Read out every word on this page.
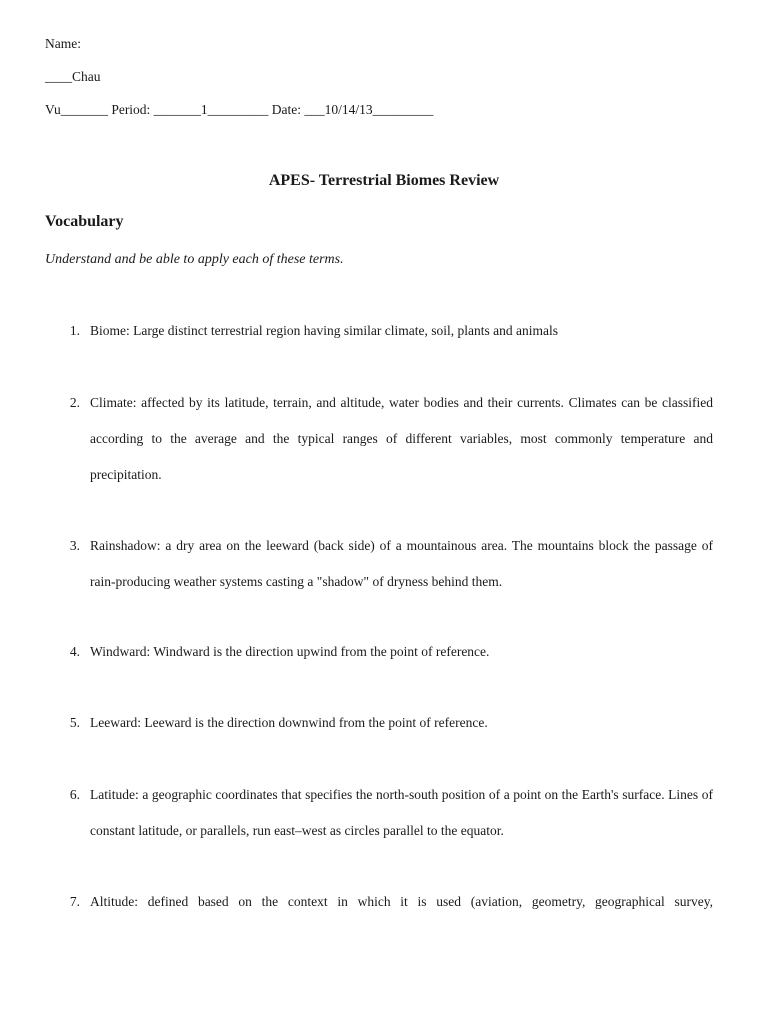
Name:
____Chau
Vu_______ Period: _______1_________ Date: ___10/14/13_________
APES- Terrestrial Biomes Review
Vocabulary
Understand and be able to apply each of these terms.
1. Biome: Large distinct terrestrial region having similar climate, soil, plants and animals
2. Climate: affected by its latitude, terrain, and altitude, water bodies and their currents. Climates can be classified according to the average and the typical ranges of different variables, most commonly temperature and precipitation.
3. Rainshadow: a dry area on the leeward (back side) of a mountainous area. The mountains block the passage of rain-producing weather systems casting a "shadow" of dryness behind them.
4. Windward: Windward is the direction upwind from the point of reference.
5. Leeward: Leeward is the direction downwind from the point of reference.
6. Latitude: a geographic coordinates that specifies the north-south position of a point on the Earth's surface. Lines of constant latitude, or parallels, run east–west as circles parallel to the equator.
7. Altitude: defined based on the context in which it is used (aviation, geometry, geographical survey,
